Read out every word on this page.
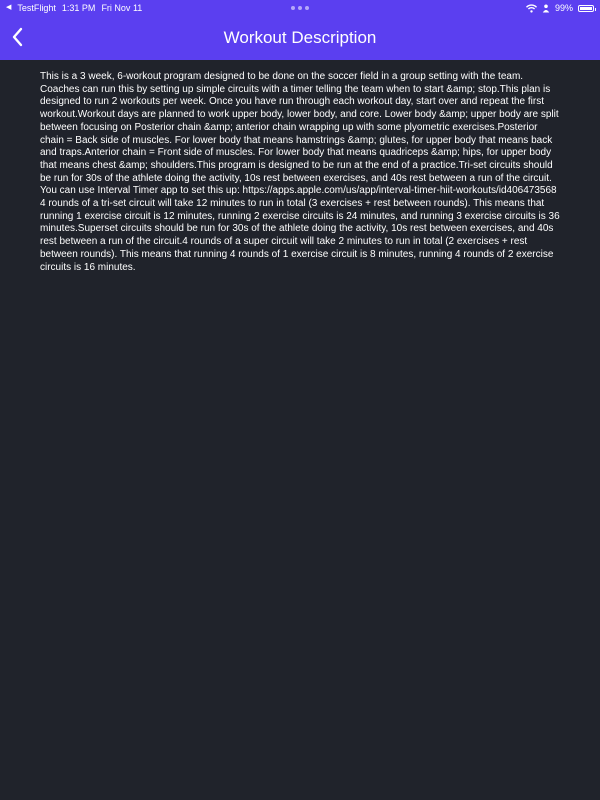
◀ TestFlight 1:31 PM Fri Nov 11	99%
Workout Description
This is a 3 week, 6-workout program designed to be done on the soccer field in a group setting with the team. Coaches can run this by setting up simple circuits with a timer telling the team when to start &amp; stop.This plan is designed to run 2 workouts per week. Once you have run through each workout day, start over and repeat the first workout.Workout days are planned to work upper body, lower body, and core. Lower body &amp; upper body are split between focusing on Posterior chain &amp; anterior chain wrapping up with some plyometric exercises.Posterior chain = Back side of muscles. For lower body that means hamstrings &amp; glutes, for upper body that means back and traps.Anterior chain = Front side of muscles. For lower body that means quadriceps &amp; hips, for upper body that means chest &amp; shoulders.This program is designed to be run at the end of a practice.Tri-set circuits should be run for 30s of the athlete doing the activity, 10s rest between exercises, and 40s rest between a run of the circuit. You can use Interval Timer app to set this up: https://apps.apple.com/us/app/interval-timer-hiit-workouts/id406473568 4 rounds of a tri-set circuit will take 12 minutes to run in total (3 exercises + rest between rounds). This means that running 1 exercise circuit is 12 minutes, running 2 exercise circuits is 24 minutes, and running 3 exercise circuits is 36 minutes.Superset circuits should be run for 30s of the athlete doing the activity, 10s rest between exercises, and 40s rest between a run of the circuit.4 rounds of a super circuit will take 2 minutes to run in total (2 exercises + rest between rounds). This means that running 4 rounds of 1 exercise circuit is 8 minutes, running 4 rounds of 2 exercise circuits is 16 minutes.
